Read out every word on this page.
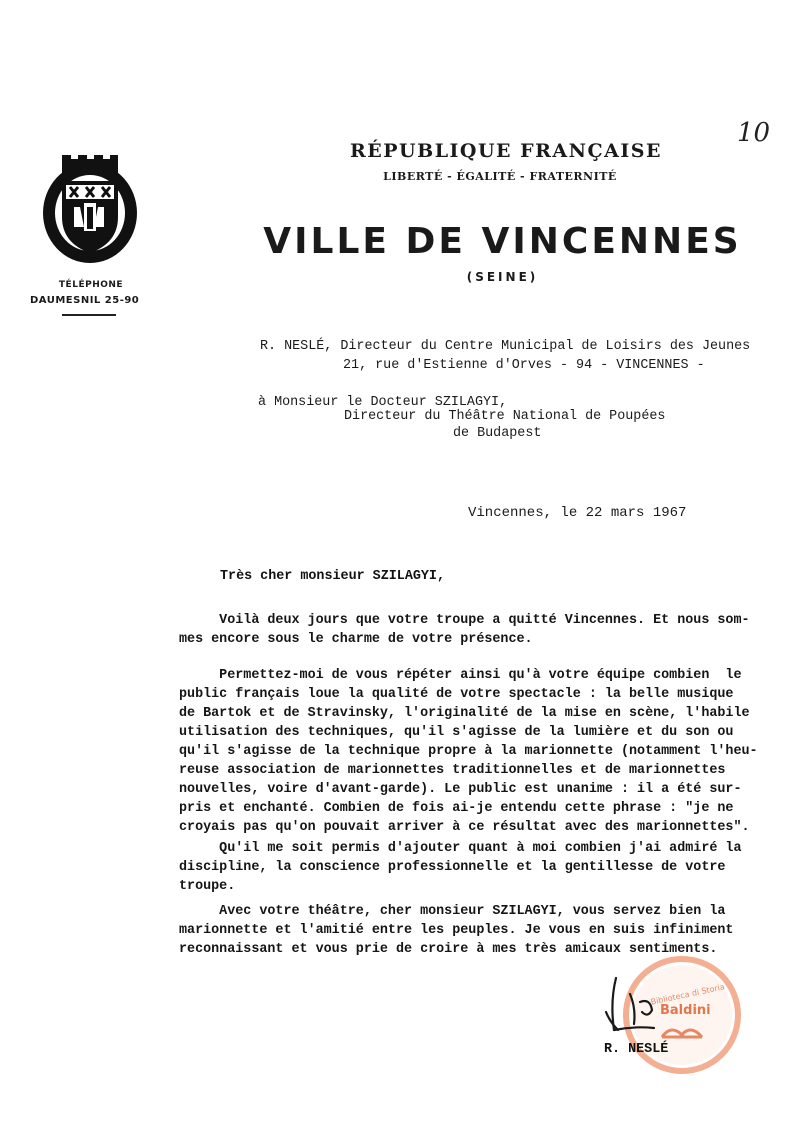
10
TÉLÉPHONE
DAUMESNIL 25-90
RÉPUBLIQUE FRANÇAISE
LIBERTÉ - ÉGALITÉ - FRATERNITÉ
VILLE DE VINCENNES
(SEINE)
R. NESLÉ, Directeur du Centre Municipal de Loisirs des Jeunes
21, rue d'Estienne d'Orves - 94 - VINCENNES -
à Monsieur le Docteur SZILAGYI,
Directeur du Théâtre National de Poupées
de Budapest
Vincennes, le 22 mars 1967
Très cher monsieur SZILAGYI,
Voilà deux jours que votre troupe a quitté Vincennes. Et nous som-
mes encore sous le charme de votre présence.
Permettez-moi de vous répéter ainsi qu'à votre équipe combien  le
public français loue la qualité de votre spectacle : la belle musique
de Bartok et de Stravinsky, l'originalité de la mise en scène, l'habile
utilisation des techniques, qu'il s'agisse de la lumière et du son ou
qu'il s'agisse de la technique propre à la marionnette (notamment l'heu-
reuse association de marionnettes traditionnelles et de marionnettes
nouvelles, voire d'avant-garde). Le public est unanime : il a été sur-
pris et enchanté. Combien de fois ai-je entendu cette phrase : "je ne
croyais pas qu'on pouvait arriver à ce résultat avec des marionnettes".
Qu'il me soit permis d'ajouter quant à moi combien j'ai admiré la
discipline, la conscience professionnelle et la gentillesse de votre
troupe.
Avec votre théâtre, cher monsieur SZILAGYI, vous servez bien la
marionnette et l'amitié entre les peuples. Je vous en suis infiniment
reconnaissant et vous prie de croire à mes très amicaux sentiments.
Biblioteca di Storia
Baldini
R. NESLÉ
